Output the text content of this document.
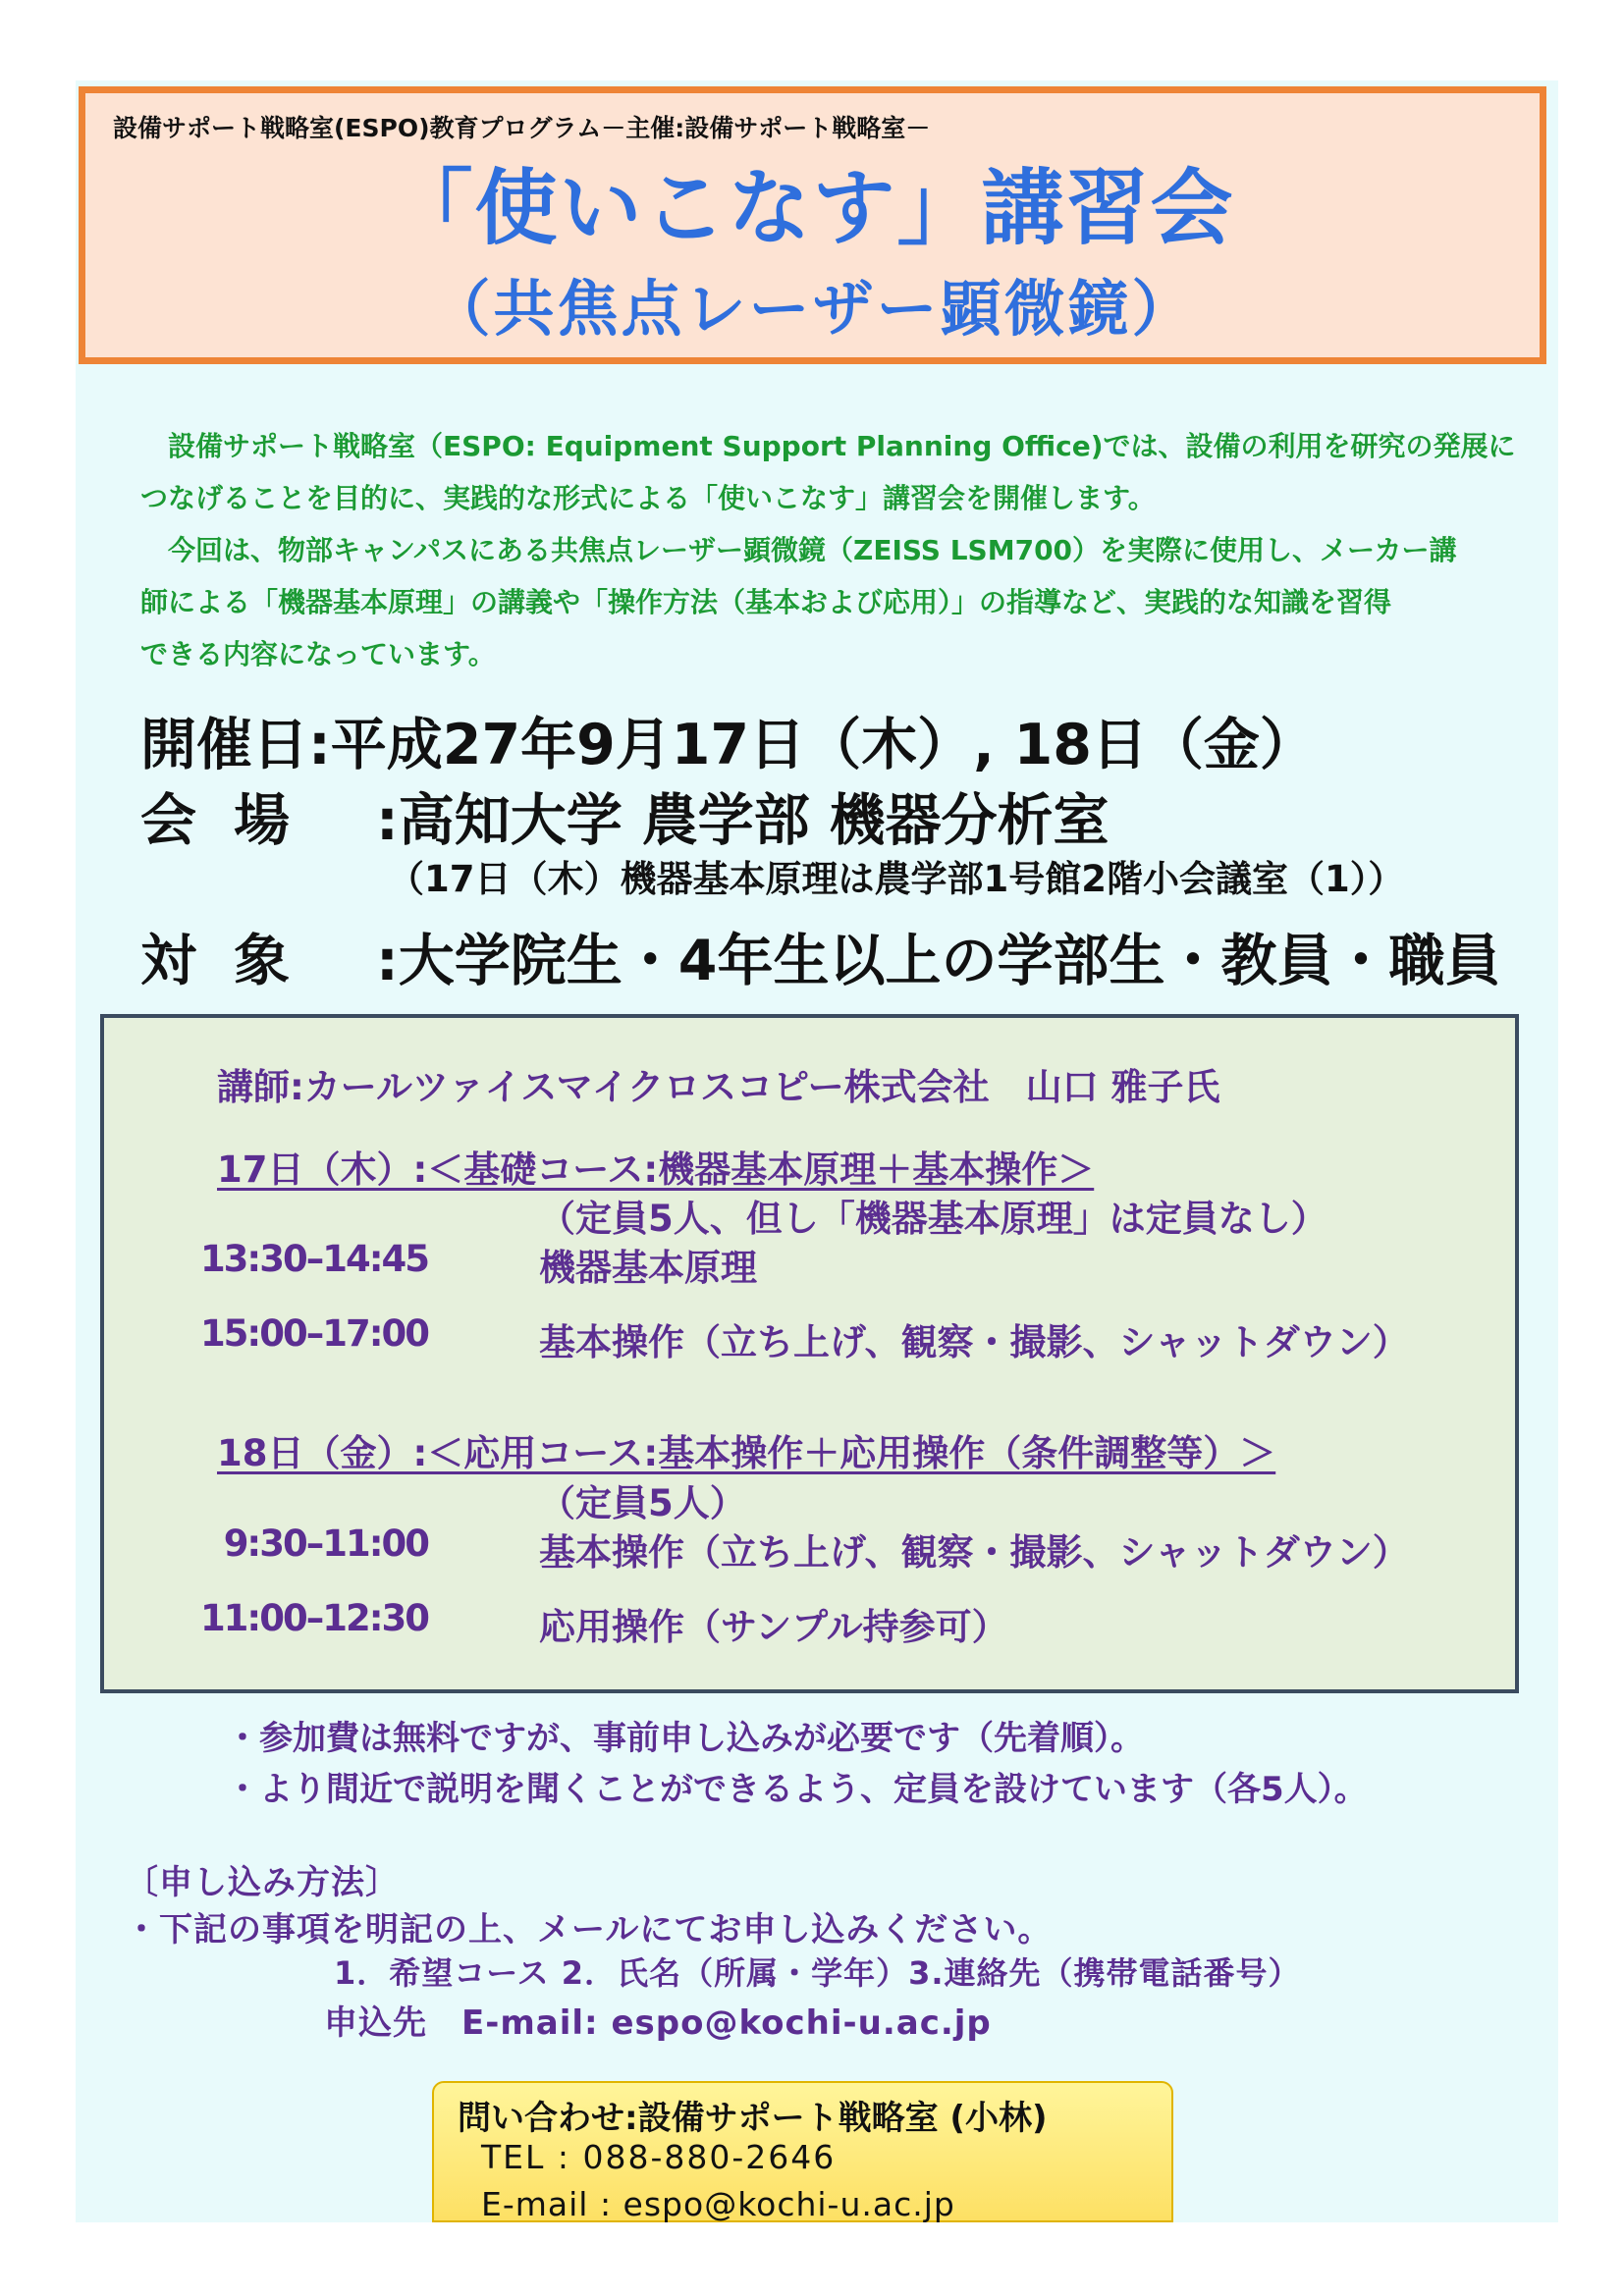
設備サポート戦略室(ESPO)教育プログラム－主催:設備サポート戦略室－
「使いこなす」講習会
（共焦点レーザー顕微鏡）
　設備サポート戦略室（ESPO: Equipment Support Planning Office)では、設備の利用を研究の発展に
つなげることを目的に、実践的な形式による「使いこなす」講習会を開催します。
　今回は、物部キャンパスにある共焦点レーザー顕微鏡（ZEISS LSM700）を実際に使用し、メーカー講
師による「機器基本原理」の講義や「操作方法（基本および応用）」の指導など、実践的な知識を習得
できる内容になっています。
開催日:平成27年9月17日（木）, 18日（金）
会場 :高知大学 農学部 機器分析室
（17日（木）機器基本原理は農学部1号館2階小会議室（1））
対象 :大学院生・4年生以上の学部生・教員・職員
講師:カールツァイスマイクロスコピー株式会社　山口 雅子氏
17日（木）:＜基礎コース:機器基本原理＋基本操作＞
（定員5人、但し「機器基本原理」は定員なし）
13:30–14:45	機器基本原理
15:00–17:00	基本操作（立ち上げ、観察・撮影、シャットダウン）
18日（金）:＜応用コース:基本操作＋応用操作（条件調整等）＞
（定員5人）
9:30–11:00	基本操作（立ち上げ、観察・撮影、シャットダウン）
11:00–12:30	応用操作（サンプル持参可）
・参加費は無料ですが、事前申し込みが必要です（先着順）。
・より間近で説明を聞くことができるよう、定員を設けています（各5人）。
〔申し込み方法〕
・下記の事項を明記の上、メールにてお申し込みください。
1．希望コース 2．氏名（所属・学年）3.連絡先（携帯電話番号）
申込先　E-mail: espo@kochi-u.ac.jp
問い合わせ:設備サポート戦略室 (小林)
TEL : 088-880-2646
E-mail : espo@kochi-u.ac.jp
